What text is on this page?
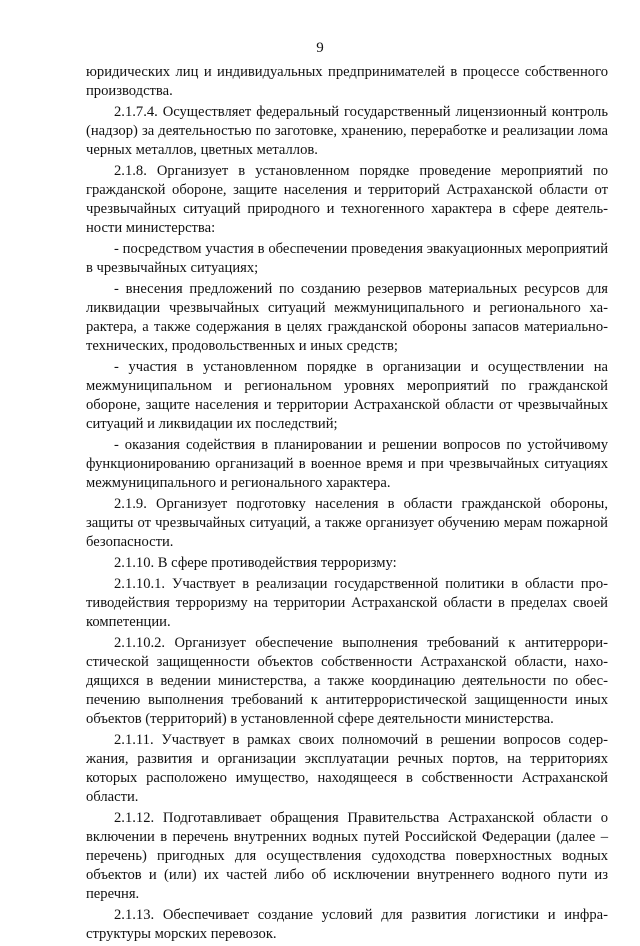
9

юридических лиц и индивидуальных предпринимателей в процессе собственного производства.

2.1.7.4. Осуществляет федеральный государственный лицензионный контроль (надзор) за деятельностью по заготовке, хранению, переработке и реализации лома черных металлов, цветных металлов.

2.1.8. Организует в установленном порядке проведение мероприятий по гражданской обороне, защите населения и территорий Астраханской области от чрезвычайных ситуаций природного и техногенного характера в сфере деятельности министерства:

- посредством участия в обеспечении проведения эвакуационных мероприятий в чрезвычайных ситуациях;

- внесения предложений по созданию резервов материальных ресурсов для ликвидации чрезвычайных ситуаций межмуниципального и регионального характера, а также содержания в целях гражданской обороны запасов материально-технических, продовольственных и иных средств;

- участия в установленном порядке в организации и осуществлении на межмуниципальном и региональном уровнях мероприятий по гражданской обороне, защите населения и территории Астраханской области от чрезвычайных ситуаций и ликвидации их последствий;

- оказания содействия в планировании и решении вопросов по устойчивому функционированию организаций в военное время и при чрезвычайных ситуациях межмуниципального и регионального характера.

2.1.9. Организует подготовку населения в области гражданской обороны, защиты от чрезвычайных ситуаций, а также организует обучению мерам пожарной безопасности.

2.1.10. В сфере противодействия терроризму:

2.1.10.1. Участвует в реализации государственной политики в области противодействия терроризму на территории Астраханской области в пределах своей компетенции.

2.1.10.2. Организует обеспечение выполнения требований к антитеррористической защищенности объектов собственности Астраханской области, находящихся в ведении министерства, а также координацию деятельности по обеспечению выполнения требований к антитеррористической защищенности иных объектов (территорий) в установленной сфере деятельности министерства.

2.1.11. Участвует в рамках своих полномочий в решении вопросов содержания, развития и организации эксплуатации речных портов, на территориях которых расположено имущество, находящееся в собственности Астраханской области.

2.1.12. Подготавливает обращения Правительства Астраханской области о включении в перечень внутренних водных путей Российской Федерации (далее – перечень) пригодных для осуществления судоходства поверхностных водных объектов и (или) их частей либо об исключении внутреннего водного пути из перечня.

2.1.13. Обеспечивает создание условий для развития логистики и инфраструктуры морских перевозок.
